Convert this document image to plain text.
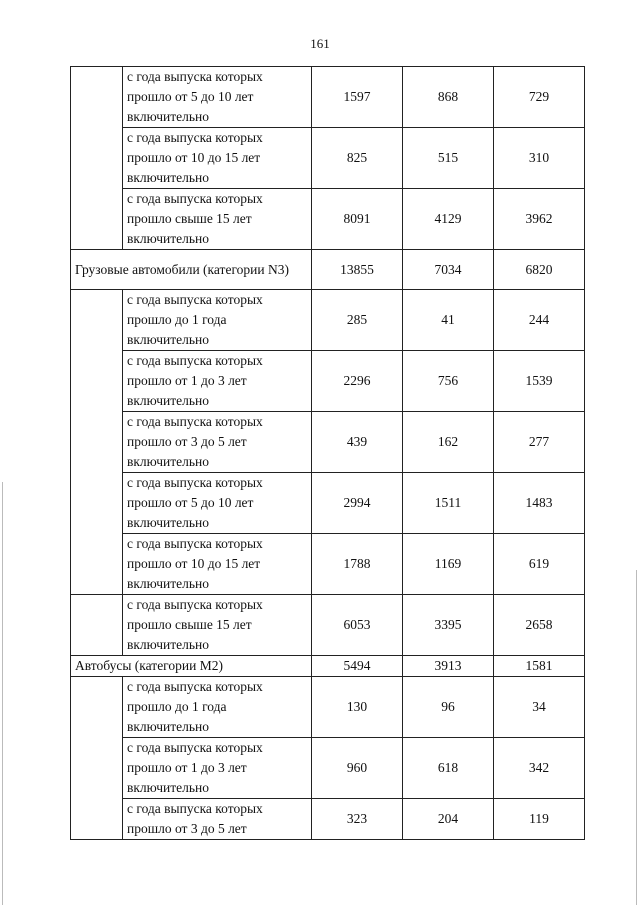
161
	с года выпуска которых прошло от 5 до 10 лет включительно	1597	868	729
	с года выпуска которых прошло от 10 до 15 лет включительно	825	515	310
	с года выпуска которых прошло свыше 15 лет включительно	8091	4129	3962
Грузовые автомобили (категории N3)		13855	7034	6820
	с года выпуска которых прошло до 1 года включительно	285	41	244
	с года выпуска которых прошло от 1 до 3 лет включительно	2296	756	1539
	с года выпуска которых прошло от 3 до 5 лет включительно	439	162	277
	с года выпуска которых прошло от 5 до 10 лет включительно	2994	1511	1483
	с года выпуска которых прошло от 10 до 15 лет включительно	1788	1169	619
	с года выпуска которых прошло свыше 15 лет включительно	6053	3395	2658
Автобусы (категории М2)		5494	3913	1581
	с года выпуска которых прошло до 1 года включительно	130	96	34
	с года выпуска которых прошло от 1 до 3 лет включительно	960	618	342
	с года выпуска которых прошло от 3 до 5 лет	323	204	119
